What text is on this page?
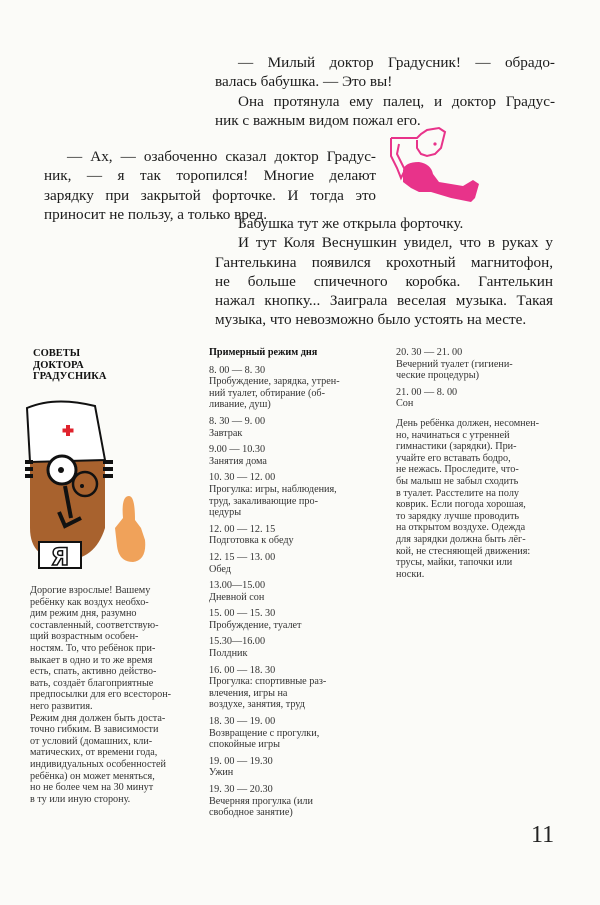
— Милый доктор Градусник! — обрадо-
валась бабушка. — Это вы!
Она протянула ему палец, и доктор Градус-
ник с важным видом пожал его.
— Ах, — озабоченно сказал доктор Градус-
ник, — я так торопился! Многие делают
зарядку при закрытой форточке. И тогда это
приносит не пользу, а только вред.
Бабушка тут же открыла форточку.
И тут Коля Веснушкин увидел, что в руках у
Гантелькина появился крохотный магнитофон,
не больше спичечного коробка. Гантелькин
нажал кнопку... Заиграла веселая музыка. Такая
музыка, что невозможно было устоять на месте.
СОВЕТЫ
ДОКТОРА
ГРАДУСНИКА
Я
Дорогие взрослые! Вашему
ребёнку как воздух необхо-
дим режим дня, разумно
составленный, соответствую-
щий возрастным особен-
ностям. То, что ребёнок при-
выкает в одно и то же время
есть, спать, активно действо-
вать, создаёт благоприятные
предпосылки для его всесторон-
него развития.
Режим дня должен быть доста-
точно гибким. В зависимости
от условий (домашних, кли-
матических, от времени года,
индивидуальных особенностей
ребёнка) он может меняться,
но не более чем на 30 минут
в ту или иную сторону.
Примерный режим дня
8. 00 — 8. 30
Пробуждение, зарядка, утрен-
ний туалет, обтирание (об-
ливание, душ)
8. 30 — 9. 00
Завтрак
9.00 — 10.30
Занятия дома
10. 30 — 12. 00
Прогулка: игры, наблюдения,
труд, закаливающие про-
цедуры
12. 00 — 12. 15
Подготовка к обеду
12. 15 — 13. 00
Обед
13.00—15.00
Дневной сон
15. 00 — 15. 30
Пробуждение, туалет
15.30—16.00
Полдник
16. 00 — 18. 30
Прогулка: спортивные раз-
влечения, игры на
воздухе, занятия, труд
18. 30 — 19. 00
Возвращение с прогулки,
спокойные игры
19. 00 — 19.30
Ужин
19. 30 — 20.30
Вечерняя прогулка (или
свободное занятие)
20. 30 — 21. 00
Вечерний туалет (гигиени-
ческие процедуры)
21. 00 — 8. 00
Сон
День ребёнка должен, несомнен-
но, начинаться с утренней
гимнастики (зарядки). При-
учайте его вставать бодро,
не нежась. Проследите, что-
бы малыш не забыл сходить
в туалет. Расстелите на полу
коврик. Если погода хорошая,
то зарядку лучше проводить
на открытом воздухе. Одежда
для зарядки должна быть лёг-
кой, не стесняющей движения:
трусы, майки, тапочки или
носки.
11
